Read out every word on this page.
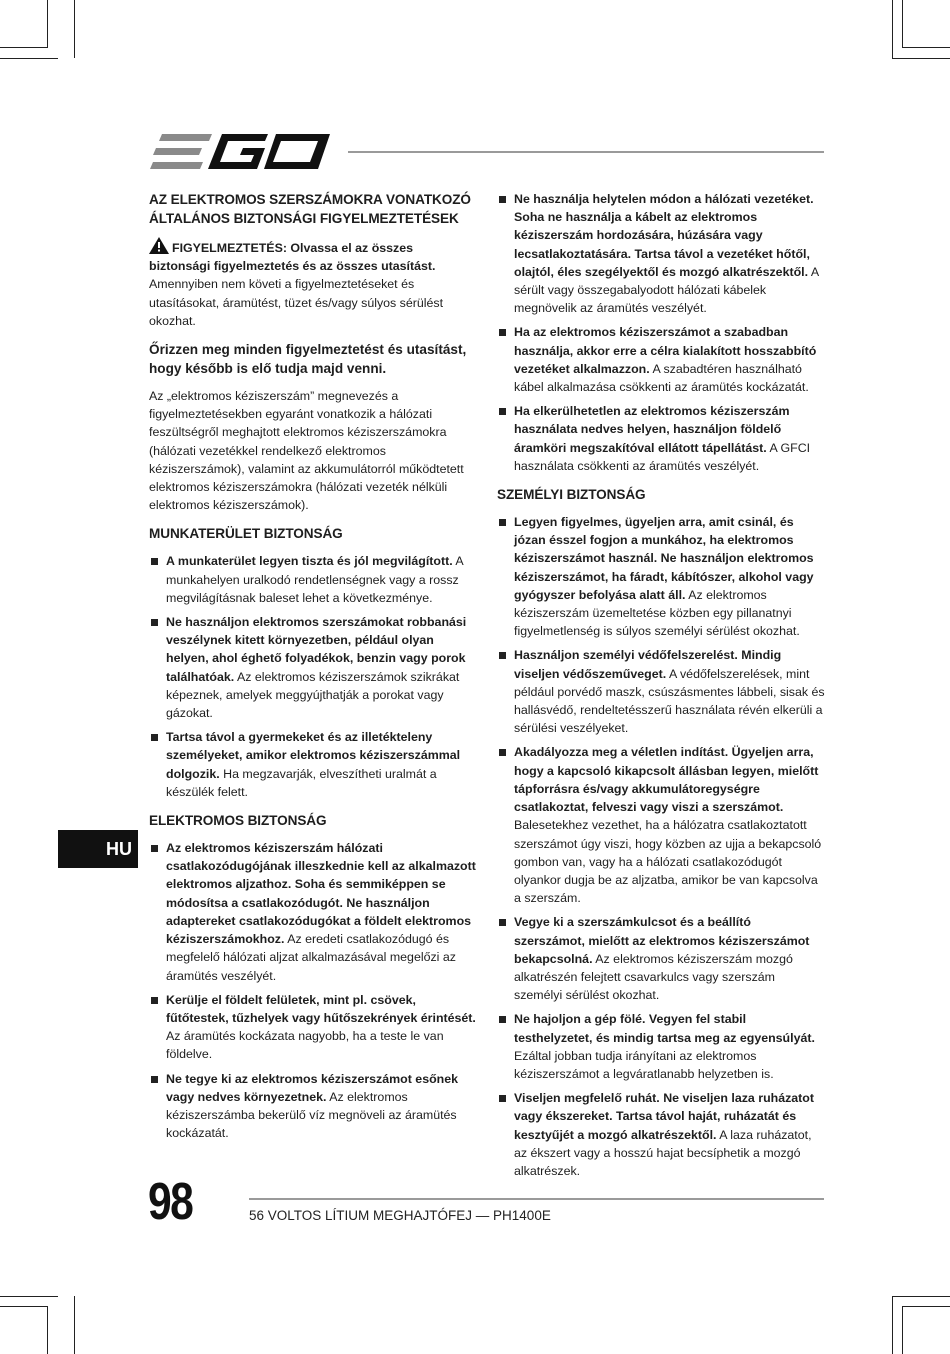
AZ ELEKTROMOS SZERSZÁMOKRA VONATKOZÓ ÁLTALÁNOS BIZTONSÁGI FIGYELMEZTETÉSEK
FIGYELMEZTETÉS: Olvassa el az összes biztonsági figyelmeztetés és az összes utasítást. Amennyiben nem követi a figyelmeztetéseket és utasításokat, áramütést, tüzet és/vagy súlyos sérülést okozhat.
Őrizzen meg minden figyelmeztetést és utasítást, hogy később is elő tudja majd venni.

Az „elektromos kéziszerszám” megnevezés a figyelmeztetésekben egyaránt vonatkozik a hálózati feszültségről meghajtott elektromos kéziszerszámokra (hálózati vezetékkel rendelkező elektromos kéziszerszámok), valamint az akkumulátorról működtetett elektromos kéziszerszámokra (hálózati vezeték nélküli elektromos kéziszerszámok).

MUNKATERÜLET BIZTONSÁG
A munkaterület legyen tiszta és jól megvilágított. A munkahelyen uralkodó rendetlenségnek vagy a rossz megvilágításnak baleset lehet a következménye.
Ne használjon elektromos szerszámokat robbanási veszélynek kitett környezetben, például olyan helyen, ahol éghető folyadékok, benzin vagy porok találhatóak. Az elektromos kéziszerszámok szikrákat képeznek, amelyek meggyújthatják a porokat vagy gázokat.
Tartsa távol a gyermekeket és az illetékteleny személyeket, amikor elektromos kéziszerszámmal dolgozik. Ha megzavarják, elveszítheti uralmát a készülék felett.
ELEKTROMOS BIZTONSÁG
Az elektromos kéziszerszám hálózati csatlakozódugójának illeszkednie kell az alkalmazott elektromos aljzathoz. Soha és semmiképpen se módosítsa a csatlakozódugót. Ne használjon adaptereket csatlakozódugókat a földelt elektromos kéziszerszámokhoz. Az eredeti csatlakozódugó és megfelelő hálózati aljzat alkalmazásával megelőzi az áramütés veszélyét.
Kerülje el földelt felületek, mint pl. csövek, fűtőtestek, tűzhelyek vagy hűtőszekrények érintését. Az áramütés kockázata nagyobb, ha a teste le van földelve.
Ne tegye ki az elektromos kéziszerszámot esőnek vagy nedves környezetnek. Az elektromos kéziszerszámba bekerülő víz megnöveli az áramütés kockázatát.
Ne használja helytelen módon a hálózati vezetéket. Soha ne használja a kábelt az elektromos kéziszerszám hordozására, húzására vagy lecsatlakoztatására. Tartsa távol a vezetéket hőtől, olajtól, éles szegélyektől és mozgó alkatrészektől. A sérült vagy összegabalyodott hálózati kábelek megnövelik az áramütés veszélyét.
Ha az elektromos kéziszerszámot a szabadban használja, akkor erre a célra kialakított hosszabbító vezetéket alkalmazzon. A szabadtéren használható kábel alkalmazása csökkenti az áramütés kockázatát.
Ha elkerülhetetlen az elektromos kéziszerszám használata nedves helyen, használjon földelő áramköri megszakítóval ellátott tápellátást. A GFCI használata csökkenti az áramütés veszélyét.
SZEMÉLYI BIZTONSÁG
Legyen figyelmes, ügyeljen arra, amit csinál, és józan ésszel fogjon a munkához, ha elektromos kéziszerszámot használ. Ne használjon elektromos kéziszerszámot, ha fáradt, kábítószer, alkohol vagy gyógyszer befolyása alatt áll. Az elektromos kéziszerszám üzemeltetése közben egy pillanatnyi figyelmetlenség is súlyos személyi sérülést okozhat.
Használjon személyi védőfelszerelést. Mindig viseljen védőszeműveget. A védőfelszerelések, mint például porvédő maszk, csúszásmentes lábbeli, sisak és hallásvédő, rendeltetésszerű használata révén elkerüli a sérülési veszélyeket.
Akadályozza meg a véletlen indítást. Ügyeljen arra, hogy a kapcsoló kikapcsolt állásban legyen, mielőtt tápforrásra és/vagy akkumulátoregységre csatlakoztat, felveszi vagy viszi a szerszámot. Balesetekhez vezethet, ha a hálózatra csatlakoztatott szerszámot úgy viszi, hogy közben az ujja a bekapcsoló gombon van, vagy ha a hálózati csatlakozódugót olyankor dugja be az aljzatba, amikor be van kapcsolva a szerszám.
Vegye ki a szerszámkulcsot és a beállító szerszámot, mielőtt az elektromos kéziszerszámot bekapcsolná. Az elektromos kéziszerszám mozgó alkatrészén felejtett csavarkulcs vagy szerszám személyi sérülést okozhat.
Ne hajoljon a gép fölé. Vegyen fel stabil testhelyzetet, és mindig tartsa meg az egyensúlyát. Ezáltal jobban tudja irányítani az elektromos kéziszerszámot a legváratlanabb helyzetben is.
Viseljen megfelelő ruhát. Ne viseljen laza ruházatot vagy ékszereket. Tartsa távol haját, ruházatát és kesztyűjét a mozgó alkatrészektől. A laza ruházatot, az ékszert vagy a hosszú hajat becsíphetik a mozgó alkatrészek.
HU
98	56 VOLTOS LÍTIUM MEGHAJTÓFEJ — PH1400E
